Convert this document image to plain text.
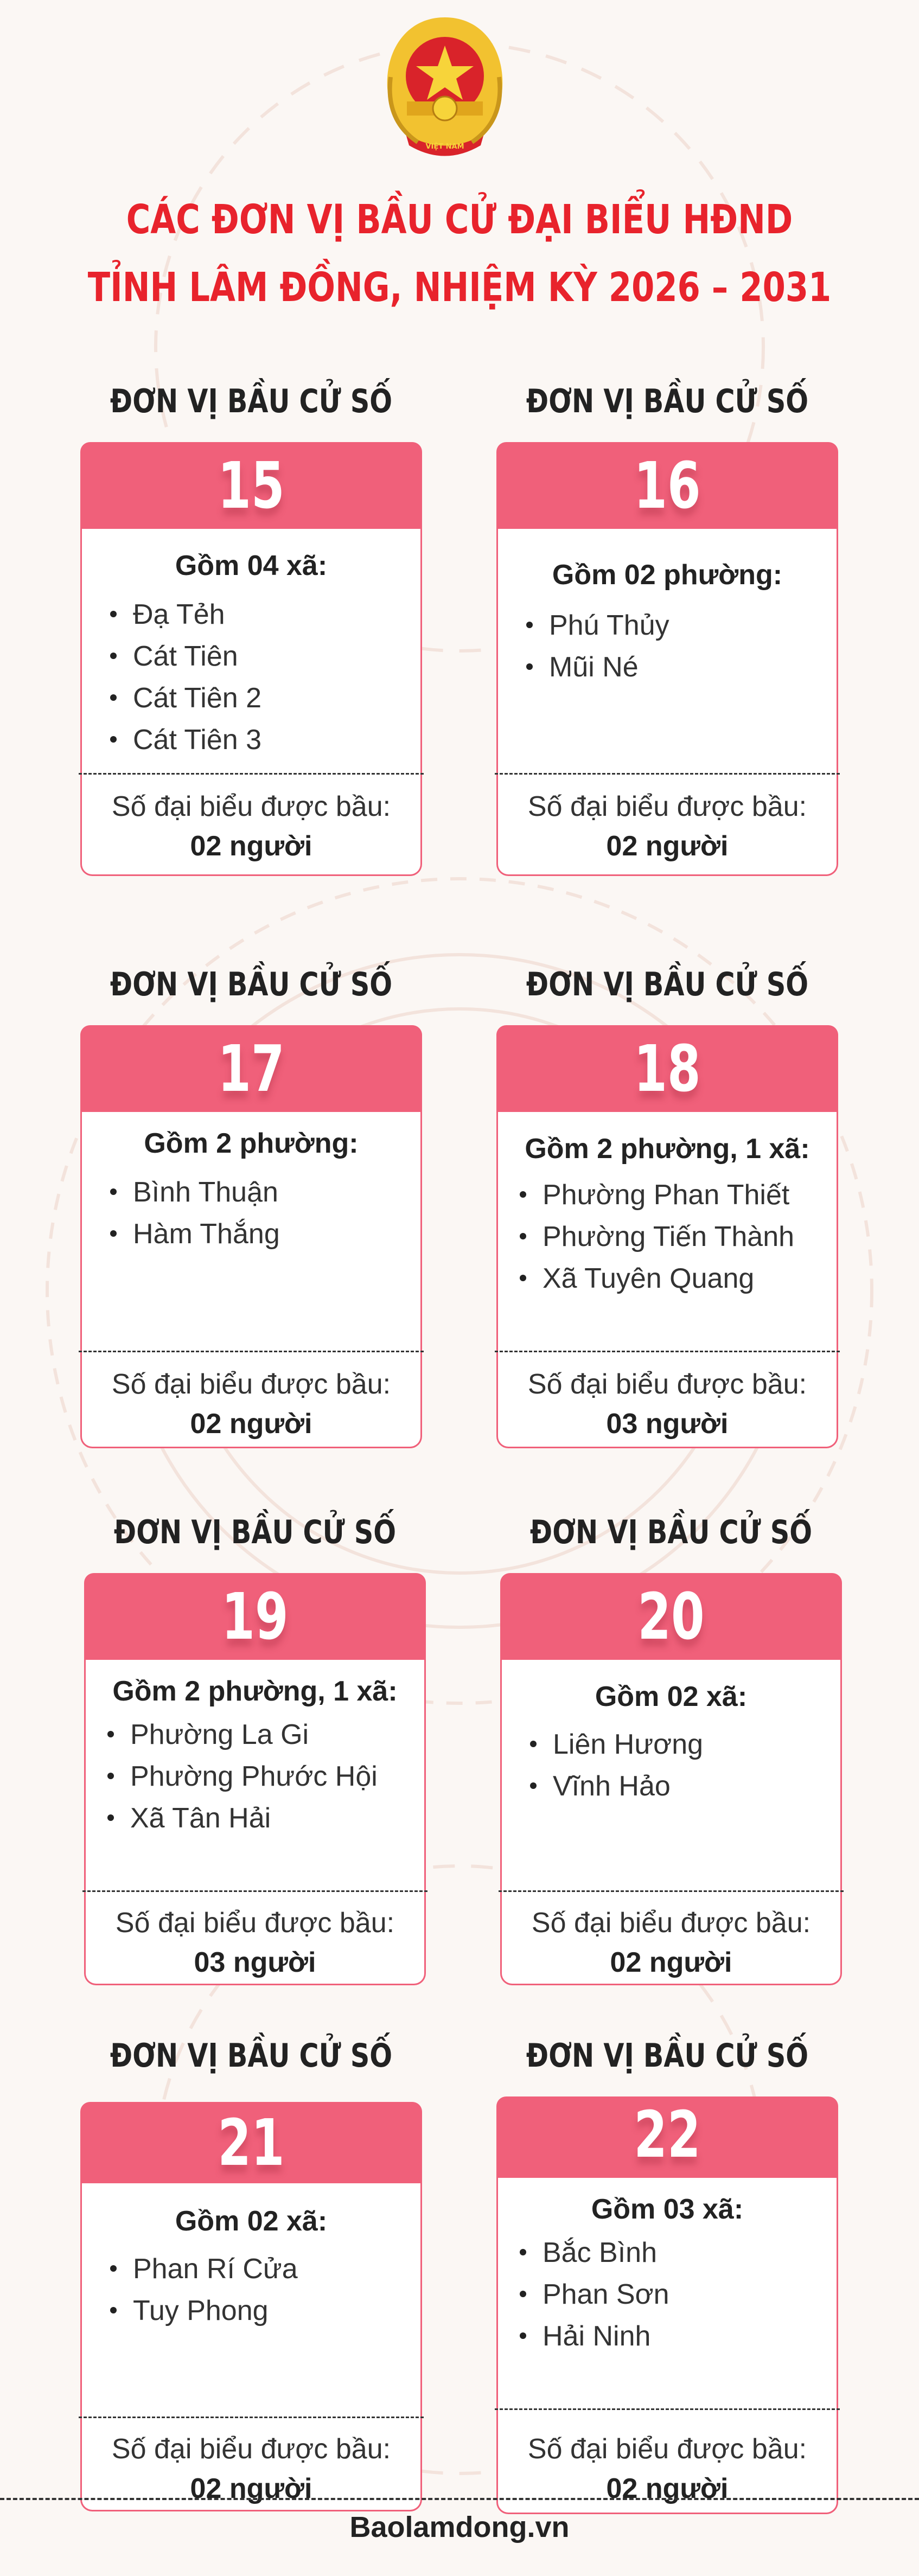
VIỆT NAM
CÁC ĐƠN VỊ BẦU CỬ ĐẠI BIỂU HĐND
TỈNH LÂM ĐỒNG, NHIỆM KỲ 2026 – 2031
ĐƠN VỊ BẦU CỬ SỐ
15
Gồm 04 xã:
Đạ Tẻh
Cát Tiên
Cát Tiên 2
Cát Tiên 3
Số đại biểu được bầu:
02 người
ĐƠN VỊ BẦU CỬ SỐ
16
Gồm 02 phường:
Phú Thủy
Mũi Né
Số đại biểu được bầu:
02 người
ĐƠN VỊ BẦU CỬ SỐ
17
Gồm 2 phường:
Bình Thuận
Hàm Thắng
Số đại biểu được bầu:
02 người
ĐƠN VỊ BẦU CỬ SỐ
18
Gồm 2 phường, 1 xã:
Phường Phan Thiết
Phường Tiến Thành
Xã Tuyên Quang
Số đại biểu được bầu:
03 người
ĐƠN VỊ BẦU CỬ SỐ
19
Gồm 2 phường, 1 xã:
Phường La Gi
Phường Phước Hội
Xã Tân Hải
Số đại biểu được bầu:
03 người
ĐƠN VỊ BẦU CỬ SỐ
20
Gồm 02 xã:
Liên Hương
Vĩnh Hảo
Số đại biểu được bầu:
02 người
ĐƠN VỊ BẦU CỬ SỐ
21
Gồm 02 xã:
Phan Rí Cửa
Tuy Phong
Số đại biểu được bầu:
02 người
ĐƠN VỊ BẦU CỬ SỐ
22
Gồm 03 xã:
Bắc Bình
Phan Sơn
Hải Ninh
Số đại biểu được bầu:
02 người
Baolamdong.vn
